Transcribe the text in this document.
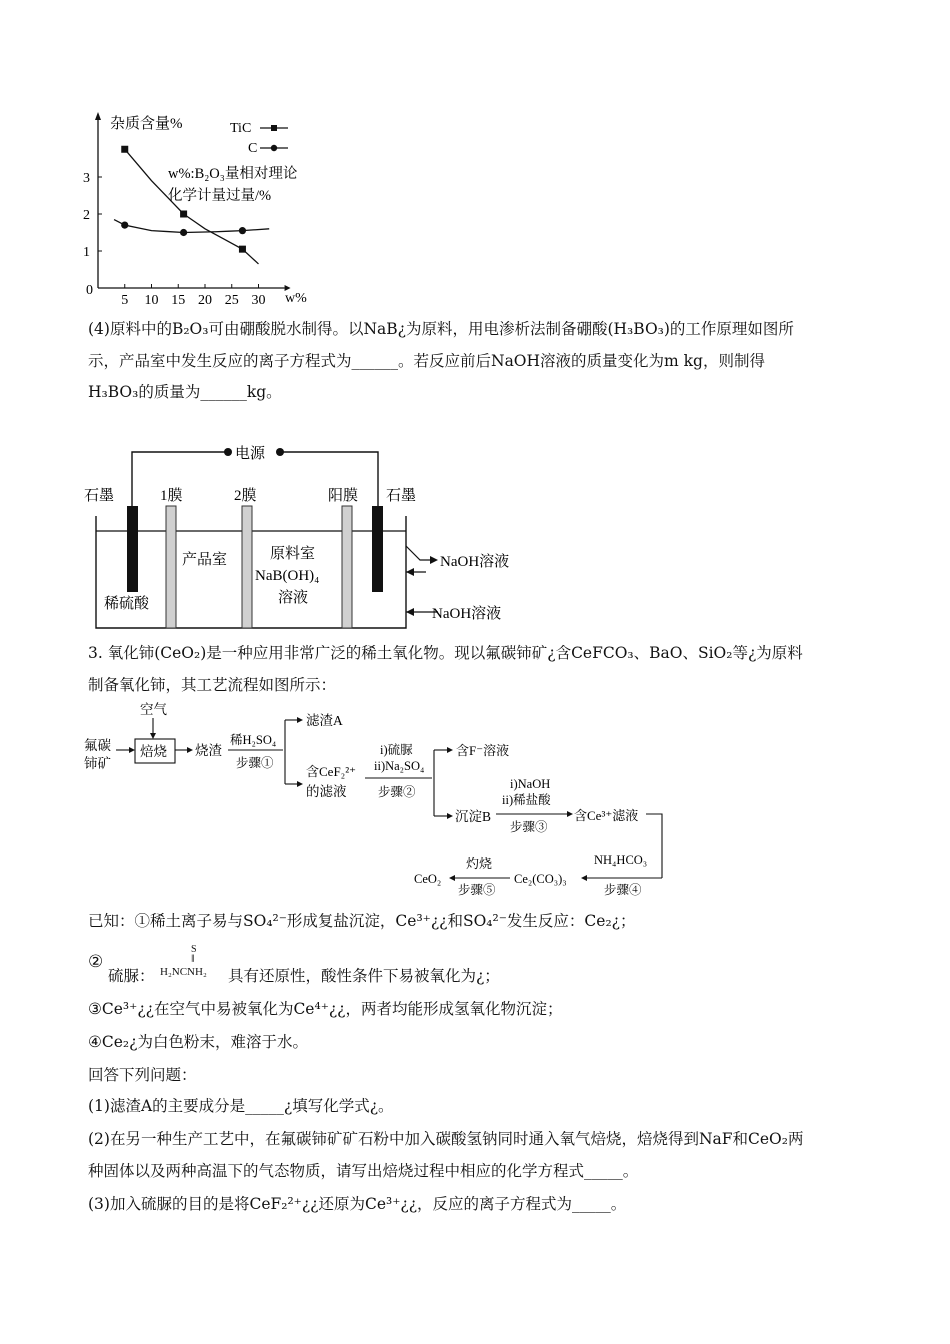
5 10 15 20 25 30
1
2
3
杂质含量%
w%
0
w%:B₂O₃量相对理论
化学计量过量/%
TiC
C
(4)原料中的B₂O₃可由硼酸脱水制得。以NaB¿为原料，用电渗析法制备硼酸(H₃BO₃)的工作原理如图所
示，产品室中发生反应的离子方程式为______。若反应前后NaOH溶液的质量变化为m kg，则制得
H₃BO₃的质量为______kg。
电源
石墨	1膜	2膜	阳膜 石墨
产品室	原料室
NaB(OH)₄
溶液
稀硫酸
NaOH溶液
NaOH溶液
3. 氧化铈(CeO₂)是一种应用非常广泛的稀土氧化物。现以氟碳铈矿¿含CeFCO₃、BaO、SiO₂等¿为原料
制备氧化铈，其工艺流程如图所示：
氟碳
铈矿
空气
焙烧 烧渣
稀H₂SO₄
步骤①
滤渣A
含CeF₂²⁺
的滤液
i)硫脲
ii)Na₂SO₄
步骤②
含F⁻溶液
沉淀B
i)NaOH
ii)稀盐酸
步骤③
含Ce³⁺滤液
NH₄HCO₃
步骤④
Ce₂(CO₃)₃
灼烧
步骤⑤
CeO₂
已知：①稀土离子易与SO₄²⁻形成复盐沉淀，Ce³⁺¿¿和SO₄²⁻发生反应：Ce₂¿；
②
硫脲：
S
∥
H₂NCNH₂ 具有还原性，酸性条件下易被氧化为¿；
③Ce³⁺¿¿在空气中易被氧化为Ce⁴⁺¿¿，两者均能形成氢氧化物沉淀；
④Ce₂¿为白色粉末，难溶于水。
回答下列问题：
(1)滤渣A的主要成分是_____¿填写化学式¿。
(2)在另一种生产工艺中，在氟碳铈矿矿石粉中加入碳酸氢钠同时通入氧气焙烧，焙烧得到NaF和CeO₂两
种固体以及两种高温下的气态物质，请写出焙烧过程中相应的化学方程式_____。
(3)加入硫脲的目的是将CeF₂²⁺¿¿还原为Ce³⁺¿¿，反应的离子方程式为_____。
